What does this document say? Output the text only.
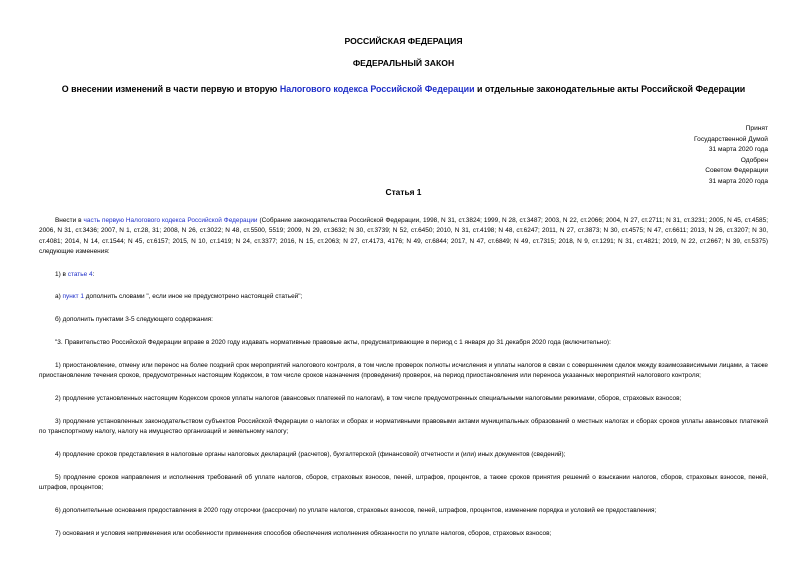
РОССИЙСКАЯ ФЕДЕРАЦИЯ
ФЕДЕРАЛЬНЫЙ ЗАКОН
О внесении изменений в части первую и вторую Налогового кодекса Российской Федерации и отдельные законодательные акты Российской Федерации
Принят
Государственной Думой
31 марта 2020 года
Одобрен
Советом Федерации
31 марта 2020 года
Статья 1

Внести в часть первую Налогового кодекса Российской Федерации (Собрание законодательства Российской Федерации, 1998, N 31, ст.3824; 1999, N 28, ст.3487; 2003, N 22, ст.2066; 2004, N 27, ст.2711; N 31, ст.3231; 2005, N 45, ст.4585; 2006, N 31, ст.3436; 2007, N 1, ст.28, 31; 2008, N 26, ст.3022; N 48, ст.5500, 5519; 2009, N 29, ст.3632; N 30, ст.3739; N 52, ст.6450; 2010, N 31, ст.4198; N 48, ст.6247; 2011, N 27, ст.3873; N 30, ст.4575; N 47, ст.6611; 2013, N 26, ст.3207; N 30, ст.4081; 2014, N 14, ст.1544; N 45, ст.6157; 2015, N 10, ст.1419; N 24, ст.3377; 2016, N 15, ст.2063; N 27, ст.4173, 4176; N 49, ст.6844; 2017, N 47, ст.6849; N 49, ст.7315; 2018, N 9, ст.1291; N 31, ст.4821; 2019, N 22, ст.2667; N 39, ст.5375) следующие изменения:

1) в статье 4:

а) пункт 1 дополнить словами ", если иное не предусмотрено настоящей статьей";

б) дополнить пунктами 3-5 следующего содержания:

"3. Правительство Российской Федерации вправе в 2020 году издавать нормативные правовые акты, предусматривающие в период с 1 января до 31 декабря 2020 года (включительно):

1) приостановление, отмену или перенос на более поздний срок мероприятий налогового контроля, в том числе проверок полноты исчисления и уплаты налогов в связи с совершением сделок между взаимозависимыми лицами, а также приостановление течения сроков, предусмотренных настоящим Кодексом, в том числе сроков назначения (проведения) проверок, на период приостановления или переноса указанных мероприятий налогового контроля;

2) продление установленных настоящим Кодексом сроков уплаты налогов (авансовых платежей по налогам), в том числе предусмотренных специальными налоговыми режимами, сборов, страховых взносов;

3) продление установленных законодательством субъектов Российской Федерации о налогах и сборах и нормативными правовыми актами муниципальных образований о местных налогах и сборах сроков уплаты авансовых платежей по транспортному налогу, налогу на имущество организаций и земельному налогу;

4) продление сроков представления в налоговые органы налоговых деклараций (расчетов), бухгалтерской (финансовой) отчетности и (или) иных документов (сведений);

5) продление сроков направления и исполнения требований об уплате налогов, сборов, страховых взносов, пеней, штрафов, процентов, а также сроков принятия решений о взыскании налогов, сборов, страховых взносов, пеней, штрафов, процентов;

6) дополнительные основания предоставления в 2020 году отсрочки (рассрочки) по уплате налогов, страховых взносов, пеней, штрафов, процентов, изменение порядка и условий ее предоставления;

7) основания и условия неприменения или особенности применения способов обеспечения исполнения обязанности по уплате налогов, сборов, страховых взносов;
